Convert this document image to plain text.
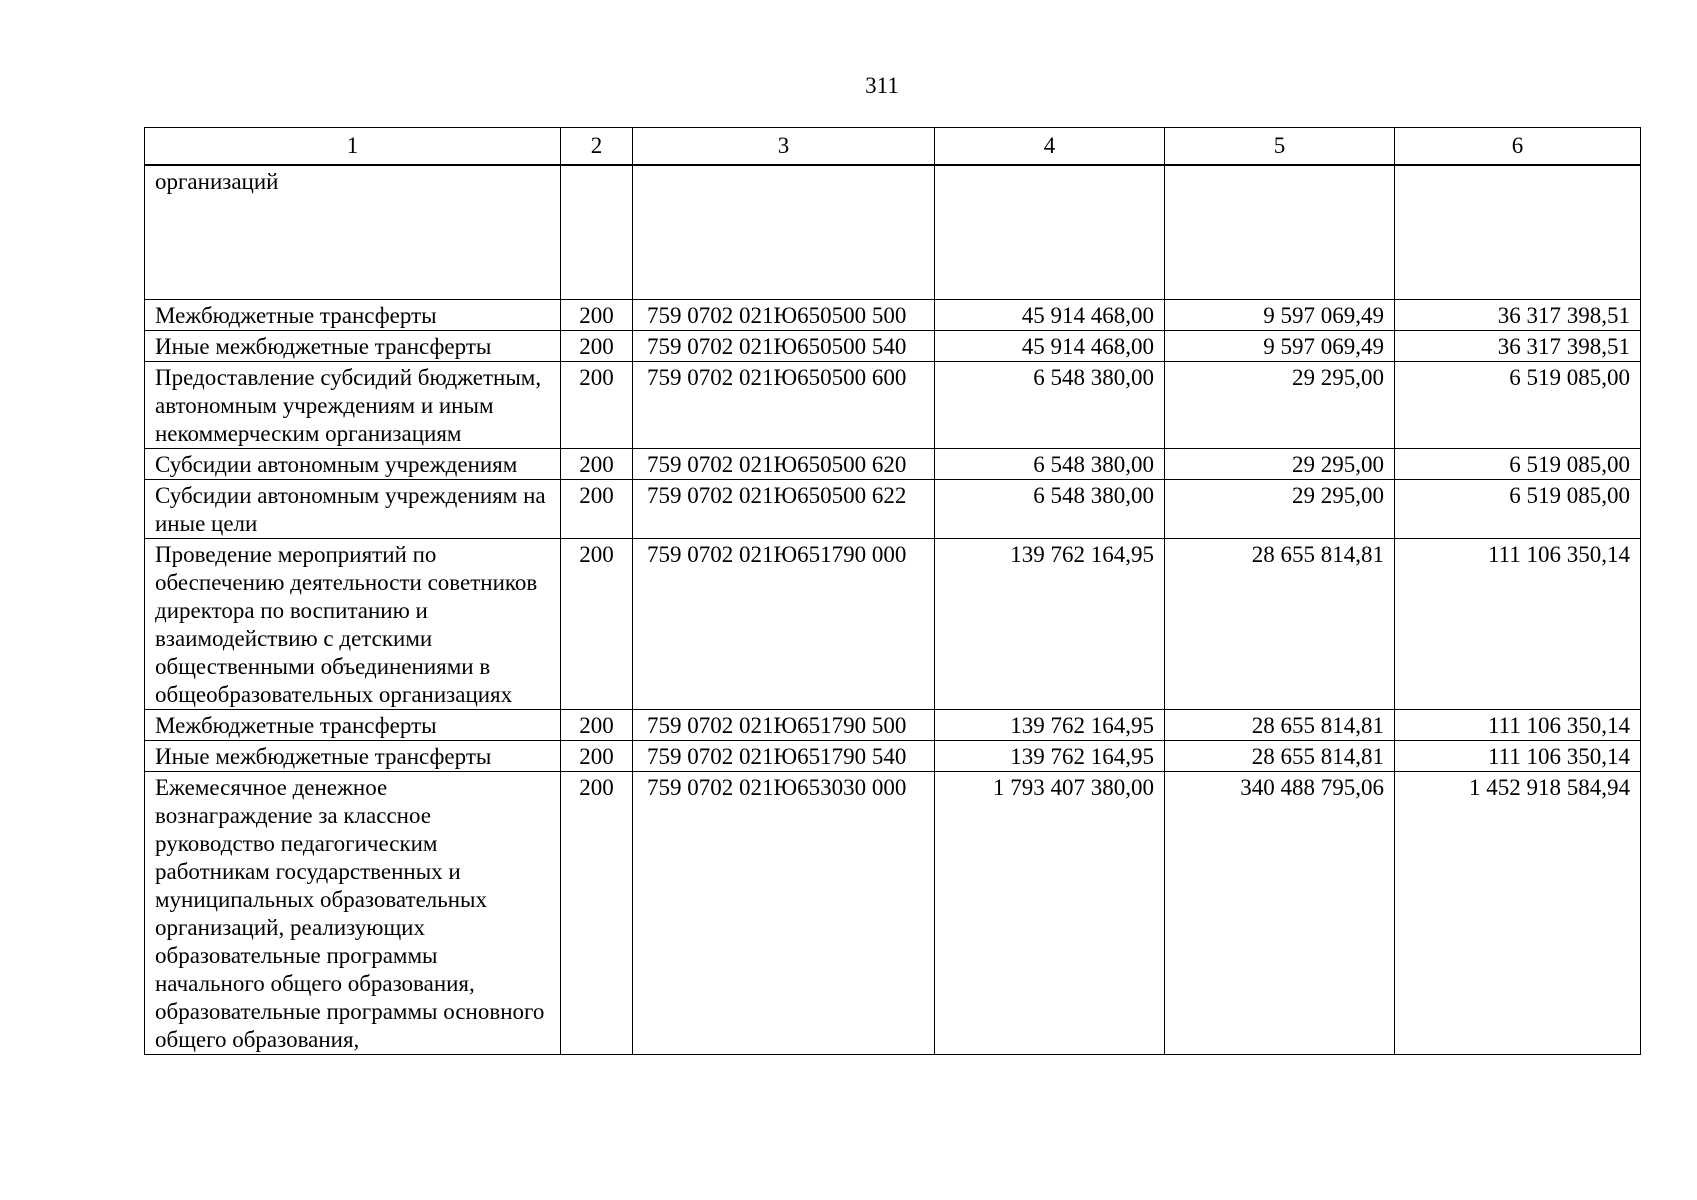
311
1	2	3	4	5	6
организаций					
Межбюджетные трансферты	200	759 0702 021Ю650500 500	45 914 468,00	9 597 069,49	36 317 398,51
Иные межбюджетные трансферты	200	759 0702 021Ю650500 540	45 914 468,00	9 597 069,49	36 317 398,51
Предоставление субсидий бюджетным, автономным учреждениям и иным некоммерческим организациям	200	759 0702 021Ю650500 600	6 548 380,00	29 295,00	6 519 085,00
Субсидии автономным учреждениям	200	759 0702 021Ю650500 620	6 548 380,00	29 295,00	6 519 085,00
Субсидии автономным учреждениям на иные цели	200	759 0702 021Ю650500 622	6 548 380,00	29 295,00	6 519 085,00
Проведение мероприятий по обеспечению деятельности советников директора по воспитанию и взаимодействию с детскими общественными объединениями в общеобразовательных организациях	200	759 0702 021Ю651790 000	139 762 164,95	28 655 814,81	111 106 350,14
Межбюджетные трансферты	200	759 0702 021Ю651790 500	139 762 164,95	28 655 814,81	111 106 350,14
Иные межбюджетные трансферты	200	759 0702 021Ю651790 540	139 762 164,95	28 655 814,81	111 106 350,14
Ежемесячное денежное вознаграждение за классное руководство педагогическим работникам государственных и муниципальных образовательных организаций, реализующих образовательные программы начального общего образования, образовательные программы основного общего образования,	200	759 0702 021Ю653030 000	1 793 407 380,00	340 488 795,06	1 452 918 584,94
